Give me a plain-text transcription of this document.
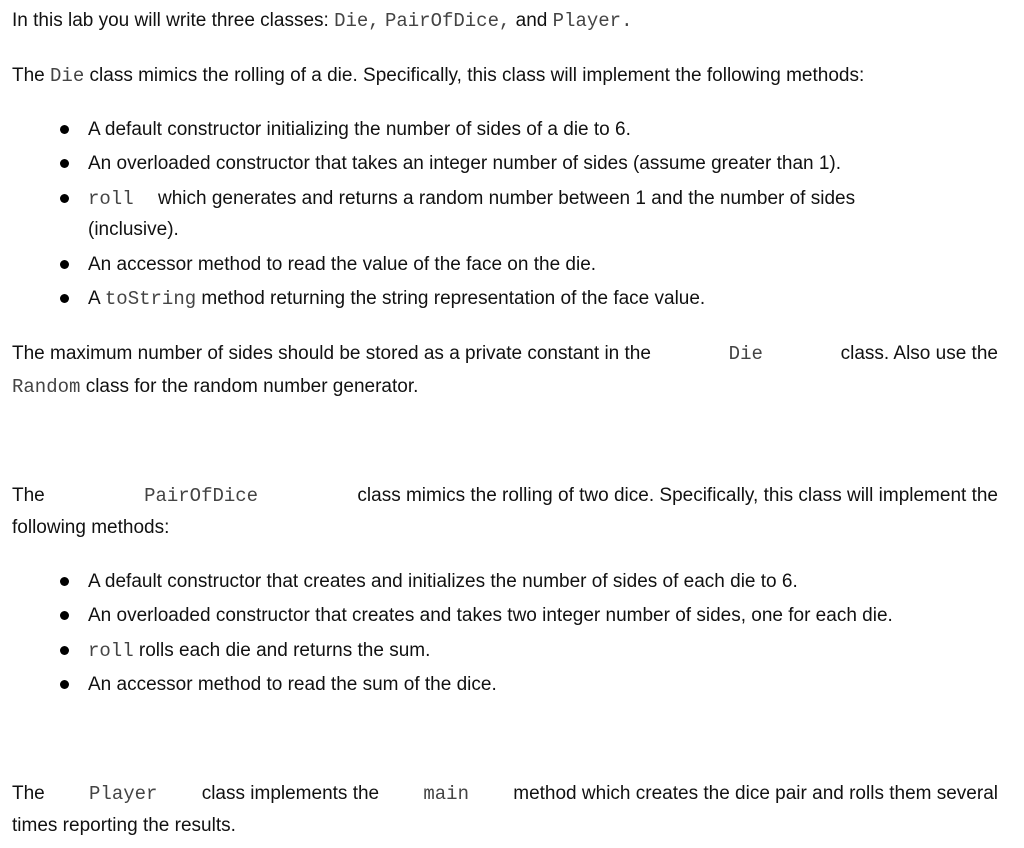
In this lab you will write three classes: Die, PairOfDice, and Player.
The Die class mimics the rolling of a die. Specifically, this class will implement the following methods:
A default constructor initializing the number of sides of a die to 6.
An overloaded constructor that takes an integer number of sides (assume greater than 1).
roll which generates and returns a random number between 1 and the number of sides
(inclusive).
An accessor method to read the value of the face on the die.
A toString method returning the string representation of the face value.
The maximum number of sides should be stored as a private constant in the	Die	class. Also use the
Random class for the random number generator.
The	PairOfDice	class mimics the rolling of two dice. Specifically, this class will implement the
following methods:
A default constructor that creates and initializes the number of sides of each die to 6.
An overloaded constructor that creates and takes two integer number of sides, one for each die.
roll rolls each die and returns the sum.
An accessor method to read the sum of the dice.
The Player class implements the main method which creates the dice pair and rolls them several
times reporting the results.
